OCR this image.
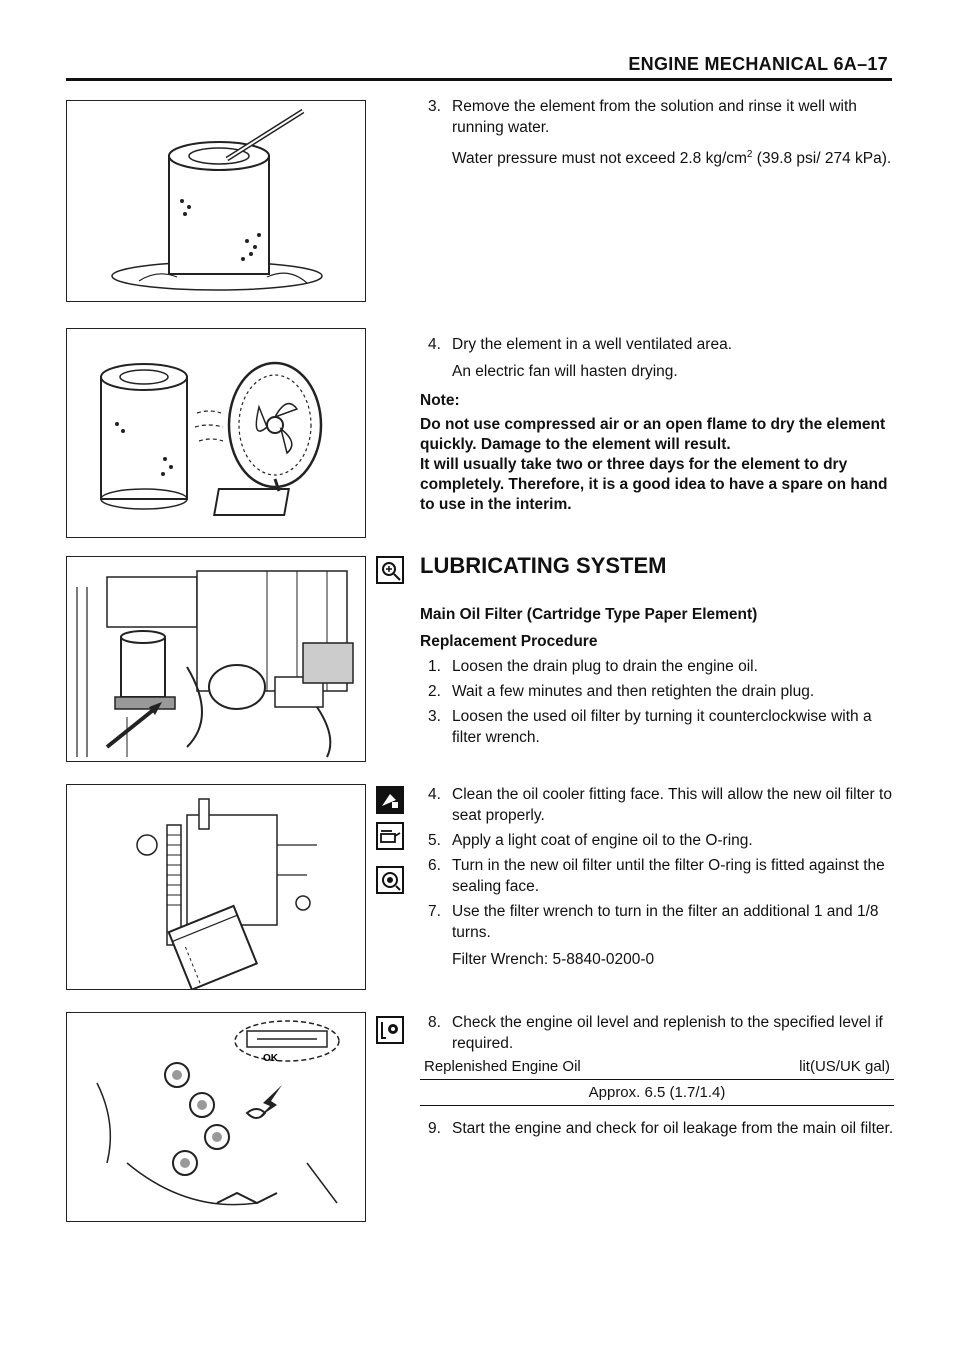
ENGINE MECHANICAL 6A–17
OK

3. Remove the element from the solution and rinse it well with running water.

Water pressure must not exceed 2.8 $kg/cm^2$ (39.8 psi/ 274 kPa).

4. Dry the element in a well ventilated area.

An electric fan will hasten drying.
Note:
Do not use compressed air or an open flame to dry the element quickly. Damage to the element will result.
It will usually take two or three days for the element to dry completely. Therefore, it is a good idea to have a spare on hand to use in the interim.
LUBRICATING SYSTEM
Main Oil Filter (Cartridge Type Paper Element)
Replacement Procedure

1. Loosen the drain plug to drain the engine oil.

2. Wait a few minutes and then retighten the drain plug.

3. Loosen the used oil filter by turning it counterclockwise with a filter wrench.

4. Clean the oil cooler fitting face. This will allow the new oil filter to seat properly.

5. Apply a light coat of engine oil to the O-ring.

6. Turn in the new oil filter until the filter O-ring is fitted against the sealing face.

7. Use the filter wrench to turn in the filter an additional 1 and 1/8 turns.

Filter Wrench: 5-8840-0200-0

8. Check the engine oil level and replenish to the specified level if required.

Replenished Engine Oil	lit(US/UK gal)
Approx. 6.5 (1.7/1.4)

9. Start the engine and check for oil leakage from the main oil filter.
